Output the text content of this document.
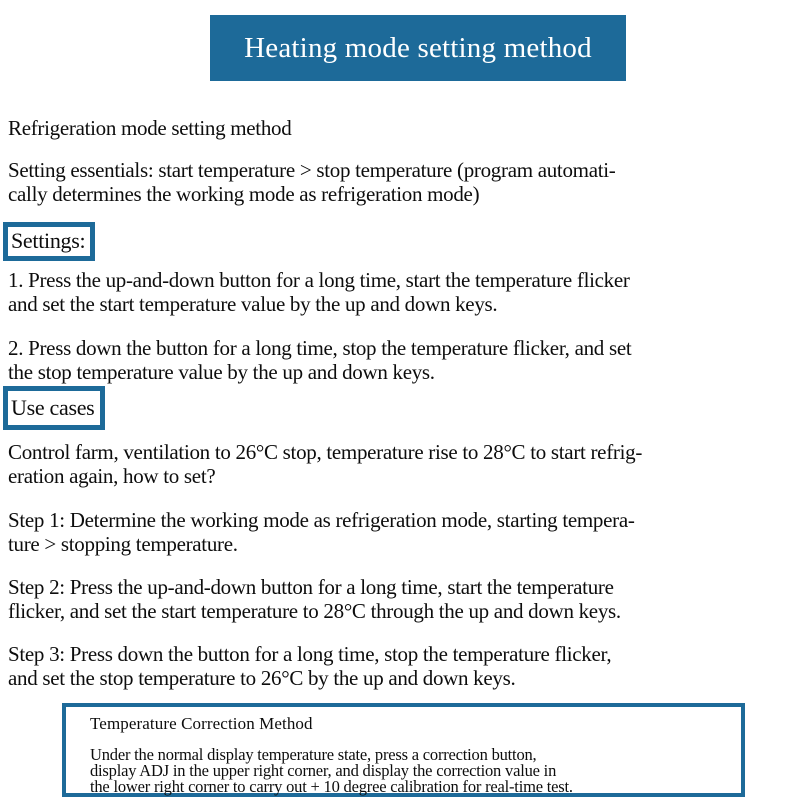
Heating mode setting method
Refrigeration mode setting method
Setting essentials: start temperature > stop temperature (program automati-
cally determines the working mode as refrigeration mode)
Settings:
1. Press the up-and-down button for a long time, start the temperature flicker
and set the start temperature value by the up and down keys.
2. Press down the button for a long time, stop the temperature flicker, and set
the stop temperature value by the up and down keys.
Use cases
Control farm, ventilation to 26°C stop, temperature rise to 28°C to start refrig-
eration again, how to set?
Step 1: Determine the working mode as refrigeration mode, starting tempera-
ture > stopping temperature.
Step 2: Press the up-and-down button for a long time, start the temperature
flicker, and set the start temperature to 28°C through the up and down keys.
Step 3: Press down the button for a long time, stop the temperature flicker,
and set the stop temperature to 26°C by the up and down keys.
Temperature Correction Method
Under the normal display temperature state, press a correction button,
display ADJ in the upper right corner, and display the correction value in
the lower right corner to carry out + 10 degree calibration for real-time test.
